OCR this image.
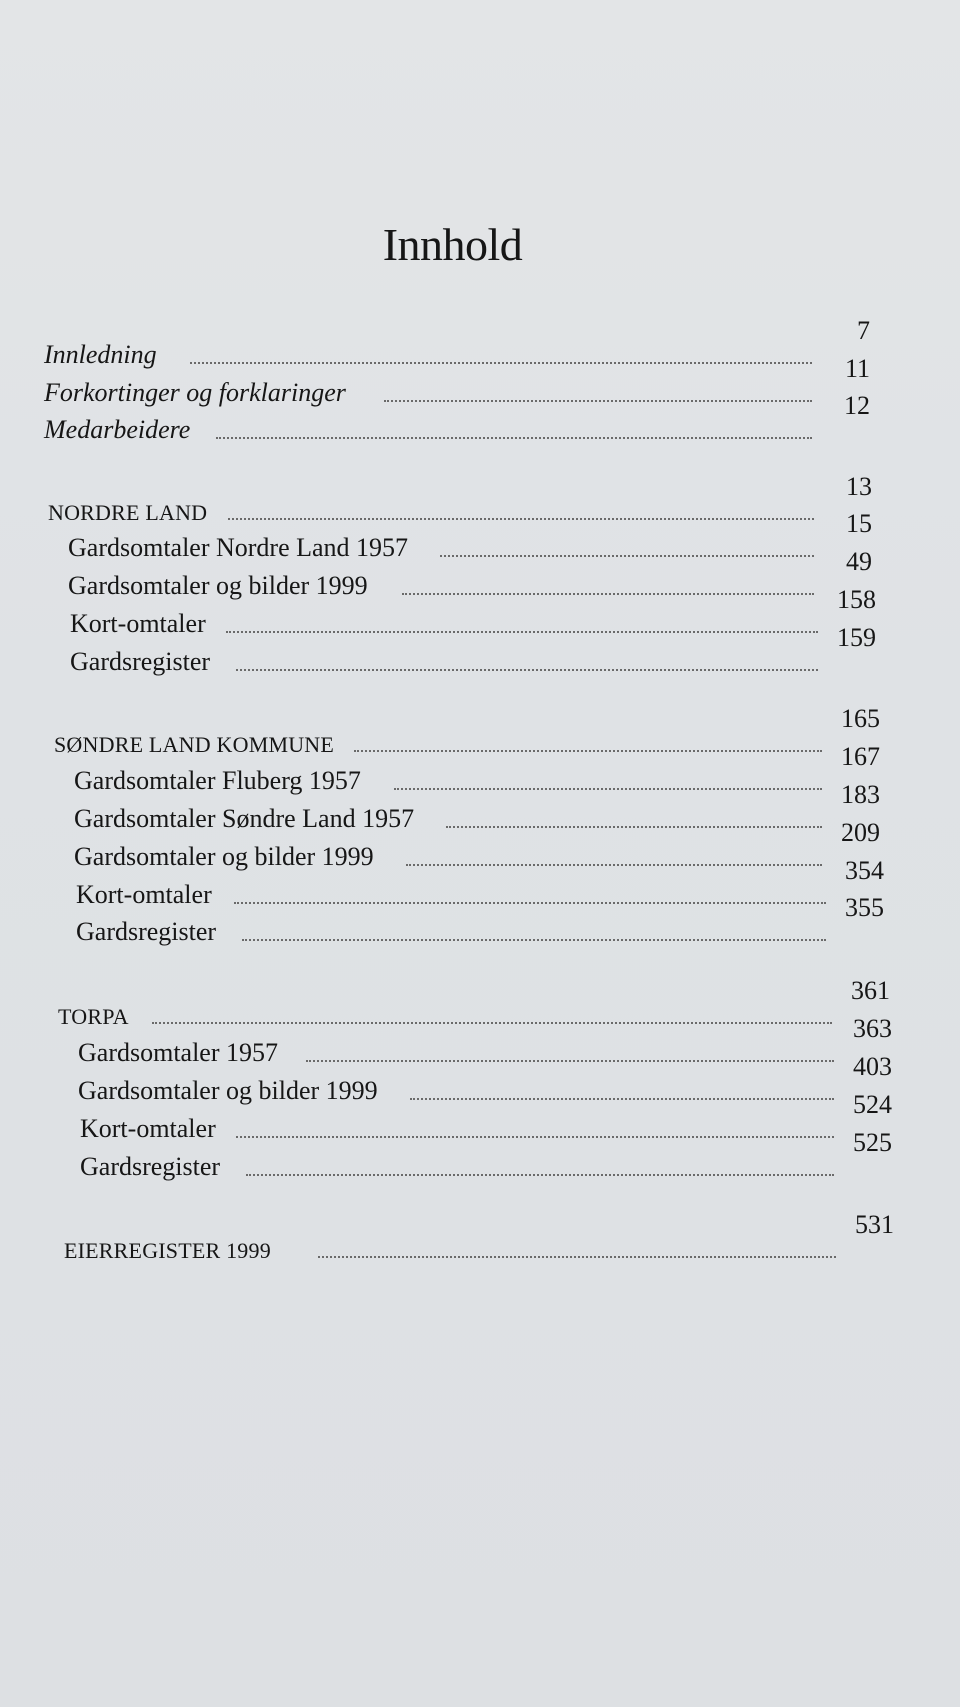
Innhold
Innledning
7
Forkortinger og forklaringer
11
Medarbeidere
12
NORDRE LAND
13
Gardsomtaler Nordre Land 1957
15
Gardsomtaler og bilder 1999
49
Kort-omtaler
158
Gardsregister
159
SØNDRE LAND KOMMUNE
165
Gardsomtaler Fluberg 1957
167
Gardsomtaler Søndre Land 1957
183
Gardsomtaler og bilder 1999
209
Kort-omtaler
354
Gardsregister
355
TORPA
361
Gardsomtaler 1957
363
Gardsomtaler og bilder 1999
403
Kort-omtaler
524
Gardsregister
525
EIERREGISTER 1999
531
